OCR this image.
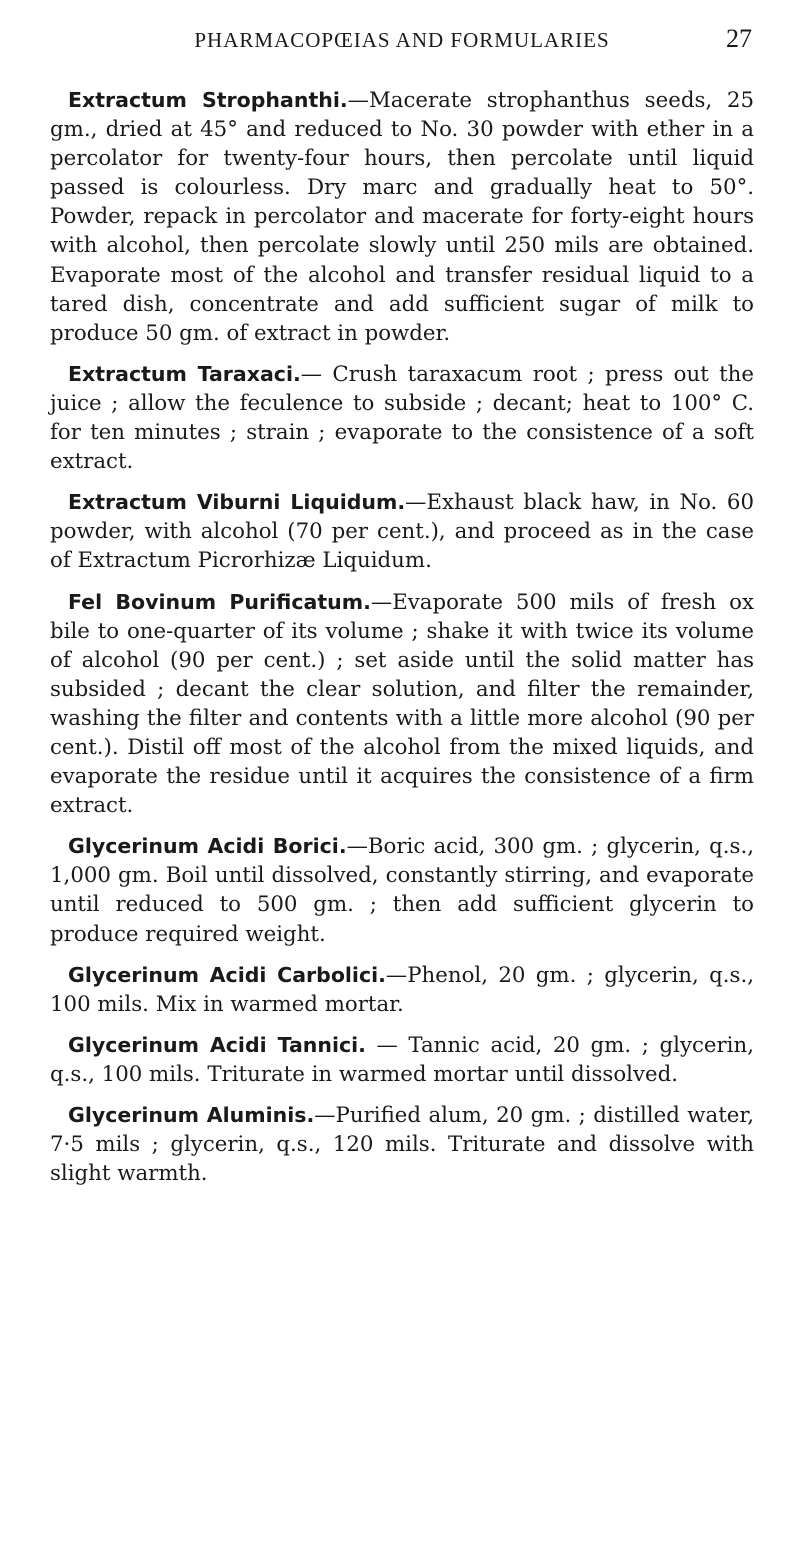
PHARMACOPŒIAS AND FORMULARIES	27

Extractum Strophanthi.—Macerate strophanthus seeds, 25 gm., dried at 45° and reduced to No. 30 powder with ether in a percolator for twenty-four hours, then percolate until liquid passed is colourless. Dry marc and gradually heat to 50°. Powder, repack in percolator and macerate for forty-eight hours with alcohol, then percolate slowly until 250 mils are obtained. Evaporate most of the alcohol and transfer residual liquid to a tared dish, concentrate and add sufficient sugar of milk to produce 50 gm. of extract in powder.

Extractum Taraxaci.— Crush taraxacum root ; press out the juice ; allow the feculence to subside ; decant; heat to 100° C. for ten minutes ; strain ; evaporate to the consistence of a soft extract.

Extractum Viburni Liquidum.—Exhaust black haw, in No. 60 powder, with alcohol (70 per cent.), and proceed as in the case of Extractum Picrorhizæ Liquidum.

Fel Bovinum Purificatum.—Evaporate 500 mils of fresh ox bile to one-quarter of its volume ; shake it with twice its volume of alcohol (90 per cent.) ; set aside until the solid matter has subsided ; decant the clear solution, and filter the remainder, washing the filter and contents with a little more alcohol (90 per cent.). Distil off most of the alcohol from the mixed liquids, and evaporate the residue until it acquires the consistence of a firm extract.

Glycerinum Acidi Borici.—Boric acid, 300 gm. ; glycerin, q.s., 1,000 gm. Boil until dissolved, constantly stirring, and evaporate until reduced to 500 gm. ; then add sufficient glycerin to produce required weight.

Glycerinum Acidi Carbolici.—Phenol, 20 gm. ; glycerin, q.s., 100 mils. Mix in warmed mortar.

Glycerinum Acidi Tannici. — Tannic acid, 20 gm. ; glycerin, q.s., 100 mils. Triturate in warmed mortar until dissolved.

Glycerinum Aluminis.—Purified alum, 20 gm. ; distilled water, 7·5 mils ; glycerin, q.s., 120 mils. Triturate and dissolve with slight warmth.
